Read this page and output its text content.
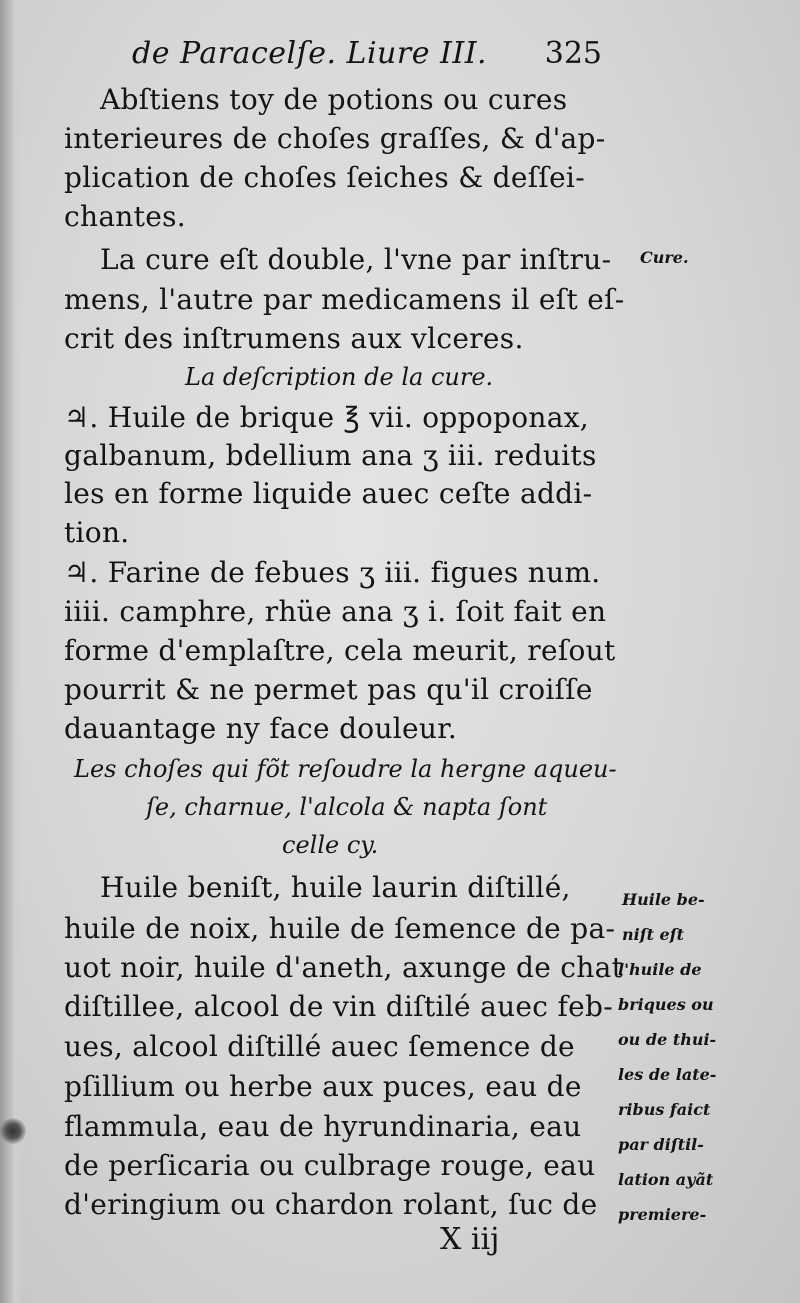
de Paracelſe. Liure III. 325
Abſtiens toy de potions ou cures
interieures de choſes graſſes, & d'ap-
plication de choſes ſeiches & deſſei-
chantes.
La cure eſt double, l'vne par inſtru-
mens, l'autre par medicamens il eſt eſ-
crit des inſtrumens aux vlceres.
La deſcription de la cure.
♃. Huile de brique ℥ vii. oppoponax,
galbanum, bdellium ana ʒ iii. reduits
les en forme liquide auec ceſte addi-
tion.
♃. Farine de febues ʒ iii. figues num.
iiii. camphre, rhüe ana ʒ i. ſoit fait en
forme d'emplaſtre, cela meurit, reſout
pourrit & ne permet pas qu'il croiſſe
dauantage ny face douleur.
Les choſes qui fõt reſoudre la hergne aqueu-
ſe, charnue, l'alcola & napta ſont
celle cy.
Huile beniſt, huile laurin diſtillé,
huile de noix, huile de ſemence de pa-
uot noir, huile d'aneth, axunge de chat
diſtillee, alcool de vin diſtilé auec feb-
ues, alcool diſtillé auec ſemence de
pſillium ou herbe aux puces, eau de
flammula, eau de hyrundinaria, eau
de perſicaria ou culbrage rouge, eau
d'eringium ou chardon rolant, ſuc de
Cure.
Huile be-
niſt eſt
l'huile de
briques ou
ou de thui-
les de late-
ribus faict
par diſtil-
lation ayãt
premiere-
X iij
